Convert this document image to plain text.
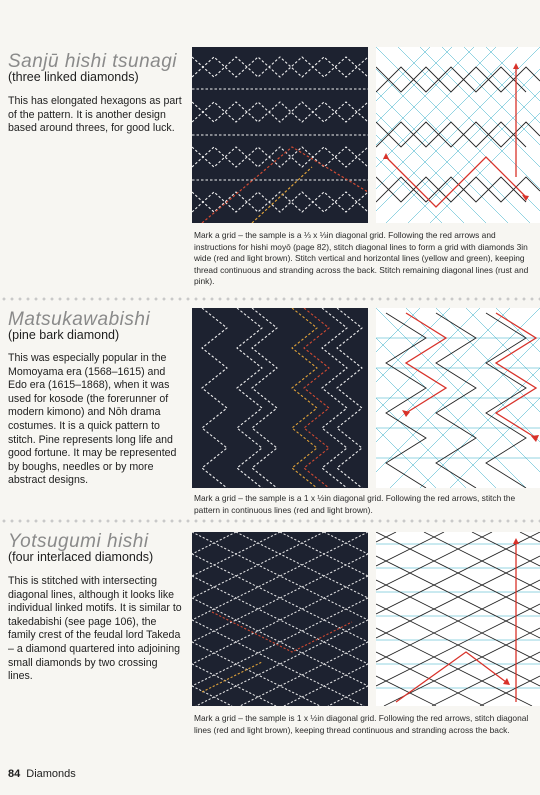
Sanjū hishi tsunagi
(three linked diamonds)
This has elongated hexagons as part of the pattern. It is another design based around threes, for good luck.
Mark a grid – the sample is a ⅓ x ⅓in diagonal grid. Following the red arrows and instructions for hishi moyō (page 82), stitch diagonal lines to form a grid with diamonds 3in wide (red and light brown). Stitch vertical and horizontal lines (yellow and green), keeping thread continuous and stranding across the back. Stitch remaining diagonal lines (rust and pink).
Matsukawabishi
(pine bark diamond)
This was especially popular in the Momoyama era (1568–1615) and Edo era (1615–1868), when it was used for kosode (the forerunner of modern kimono) and Nōh drama costumes. It is a quick pattern to stitch. Pine represents long life and good fortune. It may be represented by boughs, needles or by more abstract designs.
Mark a grid – the sample is a 1 x ½in diagonal grid. Following the red arrows, stitch the pattern in continuous lines (red and light brown).
Yotsugumi hishi
(four interlaced diamonds)
This is stitched with intersecting diagonal lines, although it looks like individual linked motifs. It is similar to takedabishi (see page 106), the family crest of the feudal lord Takeda – a diamond quartered into adjoining small diamonds by two crossing lines.
Mark a grid – the sample is 1 x ½in diagonal grid. Following the red arrows, stitch diagonal lines (red and light brown), keeping thread continuous and stranding across the back.
84 Diamonds
